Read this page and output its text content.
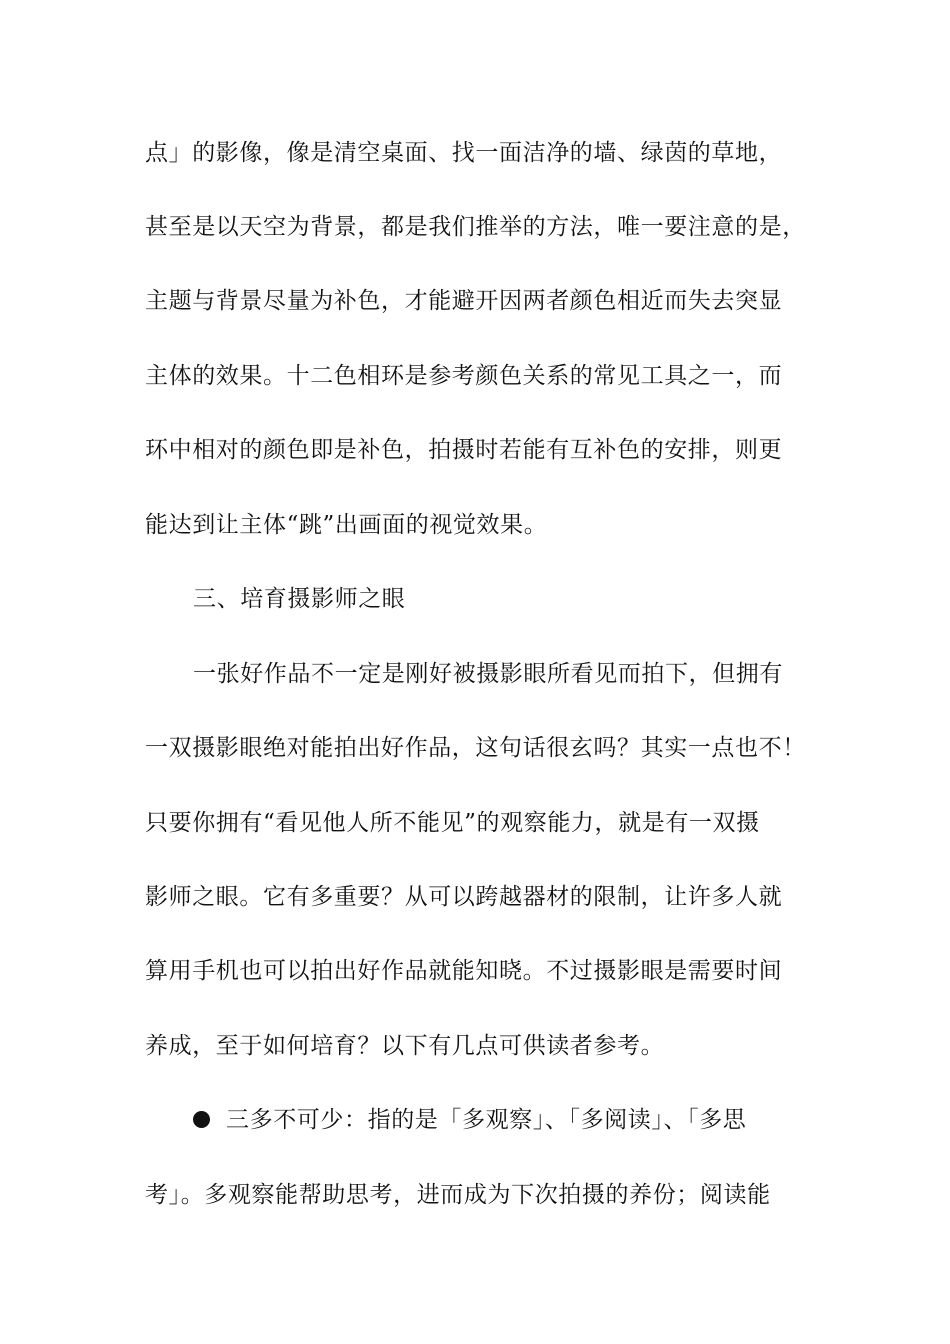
点」的影像，像是清空桌面、找一面洁净的墙、绿茵的草地，
甚至是以天空为背景，都是我们推举的方法，唯一要注意的是，
主题与背景尽量为补色，才能避开因两者颜色相近而失去突显
主体的效果。十二色相环是参考颜色关系的常见工具之一，而
环中相对的颜色即是补色，拍摄时若能有互补色的安排，则更
能达到让主体“跳”出画面的视觉效果。
三、培育摄影师之眼
一张好作品不一定是刚好被摄影眼所看见而拍下，但拥有
一双摄影眼绝对能拍出好作品，这句话很玄吗？其实一点也不！
只要你拥有“看见他人所不能见”的观察能力，就是有一双摄
影师之眼。它有多重要？从可以跨越器材的限制，让许多人就
算用手机也可以拍出好作品就能知晓。不过摄影眼是需要时间
养成，至于如何培育？以下有几点可供读者参考。
三多不可少：指的是「多观察」、「多阅读」、「多思
考」。多观察能帮助思考，进而成为下次拍摄的养份；阅读能
